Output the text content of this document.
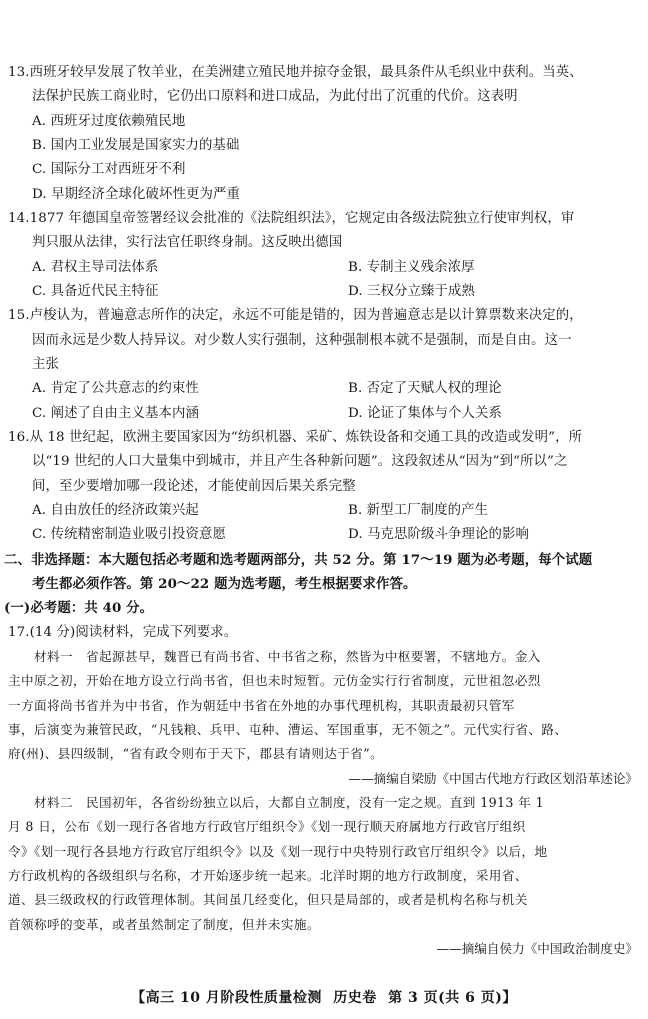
13.西班牙较早发展了牧羊业，在美洲建立殖民地并掠夺金银，最具条件从毛织业中获利。当英、
法保护民族工商业时，它仍出口原料和进口成品，为此付出了沉重的代价。这表明
A. 西班牙过度依赖殖民地
B. 国内工业发展是国家实力的基础
C. 国际分工对西班牙不利
D. 早期经济全球化破坏性更为严重
14.1877 年德国皇帝签署经议会批准的《法院组织法》，它规定由各级法院独立行使审判权，审
判只服从法律，实行法官任职终身制。这反映出德国
A. 君权主导司法体系	B. 专制主义残余浓厚
C. 具备近代民主特征	D. 三权分立臻于成熟
15.卢梭认为，普遍意志所作的决定，永远不可能是错的，因为普遍意志是以计算票数来决定的，
因而永远是少数人持异议。对少数人实行强制，这种强制根本就不是强制，而是自由。这一
主张
A. 肯定了公共意志的约束性	B. 否定了天赋人权的理论
C. 阐述了自由主义基本内涵	D. 论证了集体与个人关系
16.从 18 世纪起，欧洲主要国家因为“纺织机器、采矿、炼铁设备和交通工具的改造或发明”，所
以“19 世纪的人口大量集中到城市，并且产生各种新问题”。这段叙述从“因为”到“所以”之
间，至少要增加哪一段论述，才能使前因后果关系完整
A. 自由放任的经济政策兴起	B. 新型工厂制度的产生
C. 传统精密制造业吸引投资意愿	D. 马克思阶级斗争理论的影响
二、非选择题：本大题包括必考题和选考题两部分，共 52 分。第 17～19 题为必考题，每个试题
考生都必须作答。第 20～22 题为选考题，考生根据要求作答。
(一)必考题：共 40 分。
17.(14 分)阅读材料，完成下列要求。
材料一　省起源甚早，魏晋已有尚书省、中书省之称，然皆为中枢要署，不辖地方。金入
主中原之初，开始在地方设立行尚书省，但也未时短暂。元仿金实行行省制度，元世祖忽必烈
一方面将尚书省并为中书省，作为朝廷中书省在外地的办事代理机构，其职责最初只管军
事，后演变为兼管民政，“凡钱粮、兵甲、屯种、漕运、军国重事，无不领之”。元代实行省、路、
府(州)、县四级制，“省有政令则布于天下，郡县有请则达于省”。
——摘编自梁励《中国古代地方行政区划沿革述论》
材料二　民国初年，各省纷纷独立以后，大都自立制度，没有一定之规。直到 1913 年 1
月 8 日，公布《划一现行各省地方行政官厅组织令》《划一现行顺天府属地方行政官厅组织
令》《划一现行各县地方行政官厅组织令》以及《划一现行中央特别行政官厅组织令》以后，地
方行政机构的各级组织与名称，才开始逐步统一起来。北洋时期的地方行政制度，采用省、
道、县三级政权的行政管理体制。其间虽几经变化，但只是局部的，或者是机构名称与机关
首领称呼的变革，或者虽然制定了制度，但并未实施。
——摘编自侯力《中国政治制度史》
【高三 10 月阶段性质量检测 历史卷 第 3 页(共 6 页)】
